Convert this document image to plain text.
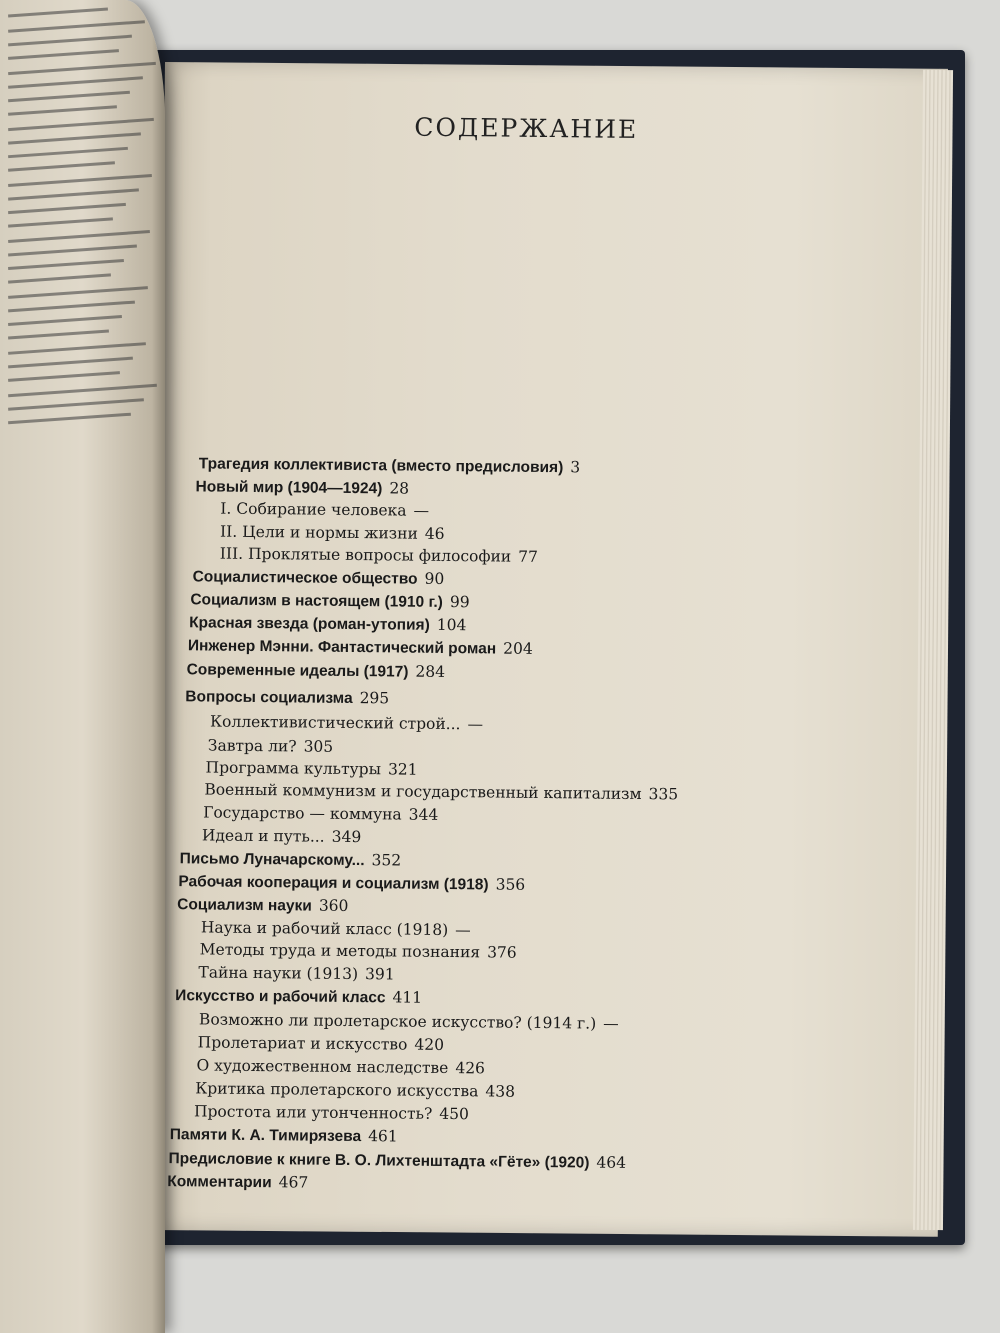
СОДЕРЖАНИЕ
Трагедия коллективиста (вместо предисловия) 3
Новый мир (1904—1924) 28
I. Собирание человека —
II. Цели и нормы жизни 46
III. Проклятые вопросы философии 77
Социалистическое общество 90
Социализм в настоящем (1910 г.) 99
Красная звезда (роман-утопия) 104
Инженер Мэнни. Фантастический роман 204
Современные идеалы (1917) 284
Вопросы социализма 295
Коллективистический строй... —
Завтра ли? 305
Программа культуры 321
Военный коммунизм и государственный капитализм 335
Государство — коммуна 344
Идеал и путь... 349
Письмо Луначарскому... 352
Рабочая кооперация и социализм (1918) 356
Социализм науки 360
Наука и рабочий класс (1918) —
Методы труда и методы познания 376
Тайна науки (1913) 391
Искусство и рабочий класс 411
Возможно ли пролетарское искусство? (1914 г.) —
Пролетариат и искусство 420
О художественном наследстве 426
Критика пролетарского искусства 438
Простота или утонченность? 450
Памяти К. А. Тимирязева 461
Предисловие к книге В. О. Лихтенштадта «Гёте» (1920) 464
Комментарии 467
